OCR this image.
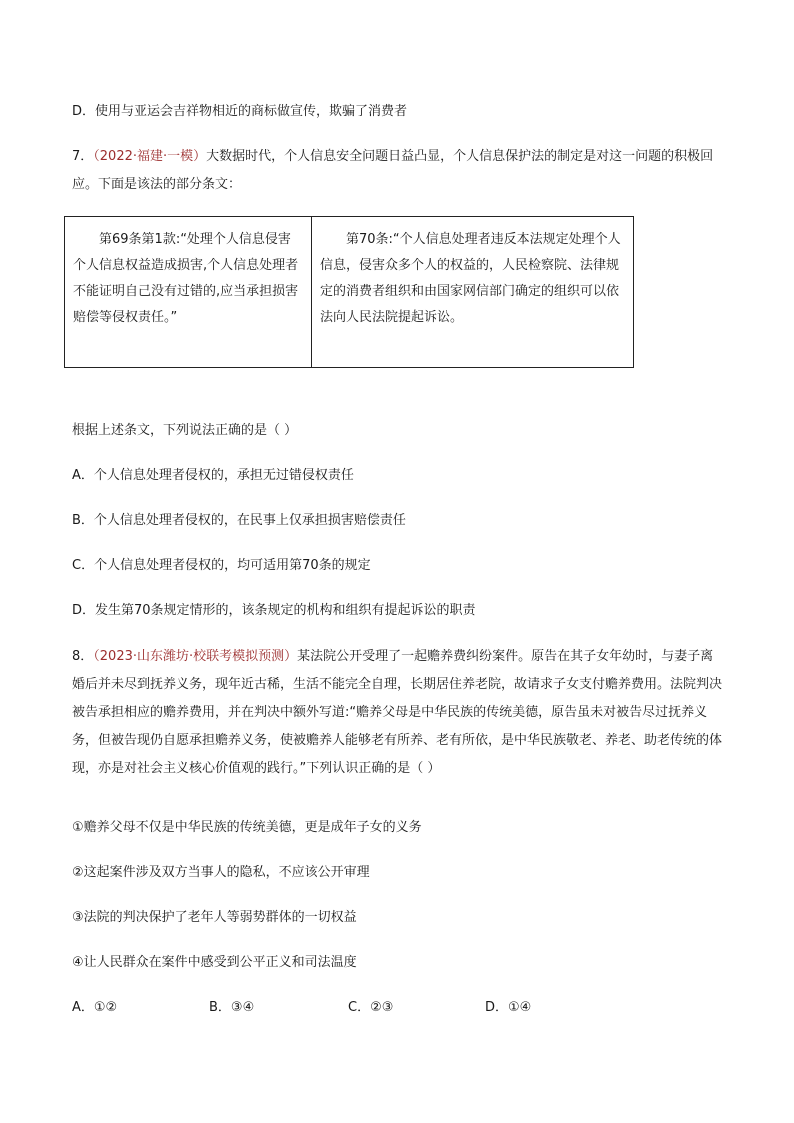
D．使用与亚运会吉祥物相近的商标做宣传，欺骗了消费者
7．（2022·福建·一模）大数据时代，个人信息安全问题日益凸显，个人信息保护法的制定是对这一问题的积极回应。下面是该法的部分条文：
第69条第1款:“处理个人信息侵害个人信息权益造成损害,个人信息处理者不能证明自己没有过错的,应当承担损害赔偿等侵权责任。”	第70条:“个人信息处理者违反本法规定处理个人信息，侵害众多个人的权益的，人民检察院、法律规定的消费者组织和由国家网信部门确定的组织可以依法向人民法院提起诉讼。
根据上述条文，下列说法正确的是（ ）
A．个人信息处理者侵权的，承担无过错侵权责任
B．个人信息处理者侵权的，在民事上仅承担损害赔偿责任
C．个人信息处理者侵权的，均可适用第70条的规定
D．发生第70条规定情形的，该条规定的机构和组织有提起诉讼的职责
8．（2023·山东潍坊·校联考模拟预测）某法院公开受理了一起赡养费纠纷案件。原告在其子女年幼时，与妻子离婚后并未尽到抚养义务，现年近古稀，生活不能完全自理，长期居住养老院，故请求子女支付赡养费用。法院判决被告承担相应的赡养费用，并在判决中额外写道:“赡养父母是中华民族的传统美德，原告虽未对被告尽过抚养义务，但被告现仍自愿承担赡养义务，使被赡养人能够老有所养、老有所依，是中华民族敬老、养老、助老传统的体现，亦是对社会主义核心价值观的践行。”下列认识正确的是（ ）
①赡养父母不仅是中华民族的传统美德，更是成年子女的义务
②这起案件涉及双方当事人的隐私，不应该公开审理
③法院的判决保护了老年人等弱势群体的一切权益
④让人民群众在案件中感受到公平正义和司法温度
A．①②	B．③④	C．②③	D．①④
